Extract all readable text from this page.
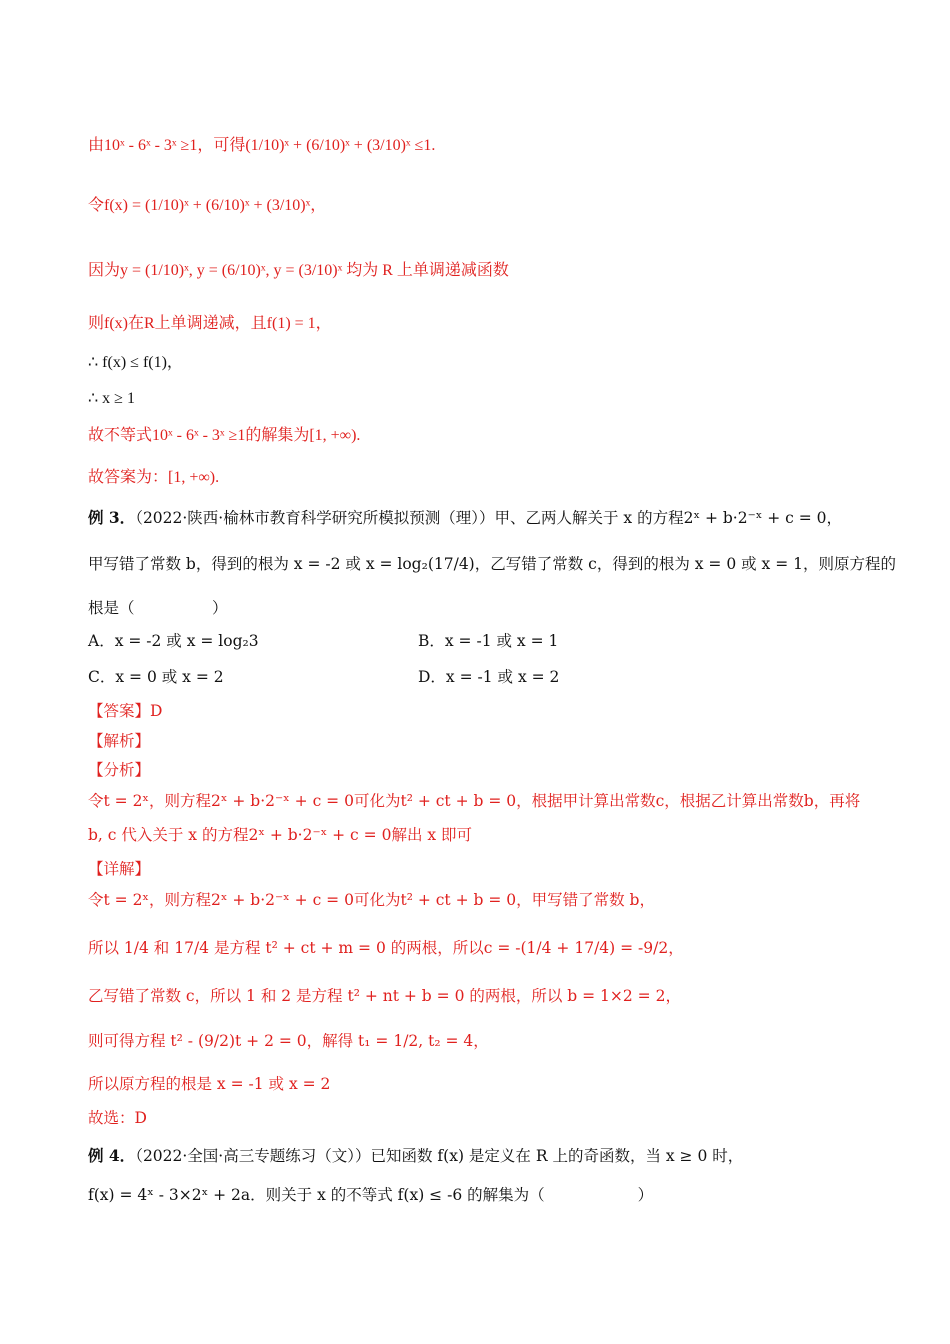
由10ˣ - 6ˣ - 3ˣ ≥1，可得(1/10)ˣ + (6/10)ˣ + (3/10)ˣ ≤1.
令f(x) = (1/10)ˣ + (6/10)ˣ + (3/10)ˣ，
因为y = (1/10)ˣ, y = (6/10)ˣ, y = (3/10)ˣ 均为 R 上单调递减函数
则f(x)在R上单调递减，且f(1) = 1，
∴ f(x) ≤ f(1)，
∴ x ≥ 1
故不等式10ˣ - 6ˣ - 3ˣ ≥1的解集为[1, +∞).
故答案为：[1, +∞).
例 3．（2022·陕西·榆林市教育科学研究所模拟预测（理））甲、乙两人解关于 x 的方程2ˣ + b·2⁻ˣ + c = 0，
甲写错了常数 b，得到的根为 x = -2 或 x = log₂(17/4)，乙写错了常数 c，得到的根为 x = 0 或 x = 1，则原方程的
根是（　　　　　）
A．x = -2 或 x = log₂3	B．x = -1 或 x = 1
C．x = 0 或 x = 2	D．x = -1 或 x = 2
【答案】D
【解析】
【分析】
令t = 2ˣ，则方程2ˣ + b·2⁻ˣ + c = 0可化为t² + ct + b = 0，根据甲计算出常数c，根据乙计算出常数b，再将
b, c 代入关于 x 的方程2ˣ + b·2⁻ˣ + c = 0解出 x 即可
【详解】
令t = 2ˣ，则方程2ˣ + b·2⁻ˣ + c = 0可化为t² + ct + b = 0，甲写错了常数 b，
所以 1/4 和 17/4 是方程 t² + ct + m = 0 的两根，所以c = -(1/4 + 17/4) = -9/2，
乙写错了常数 c，所以 1 和 2 是方程 t² + nt + b = 0 的两根，所以 b = 1×2 = 2，
则可得方程 t² - (9/2)t + 2 = 0，解得 t₁ = 1/2, t₂ = 4，
所以原方程的根是 x = -1 或 x = 2
故选：D
例 4．（2022·全国·高三专题练习（文））已知函数 f(x) 是定义在 R 上的奇函数，当 x ≥ 0 时，
f(x) = 4ˣ - 3×2ˣ + 2a．则关于 x 的不等式 f(x) ≤ -6 的解集为（　　　　　　）
